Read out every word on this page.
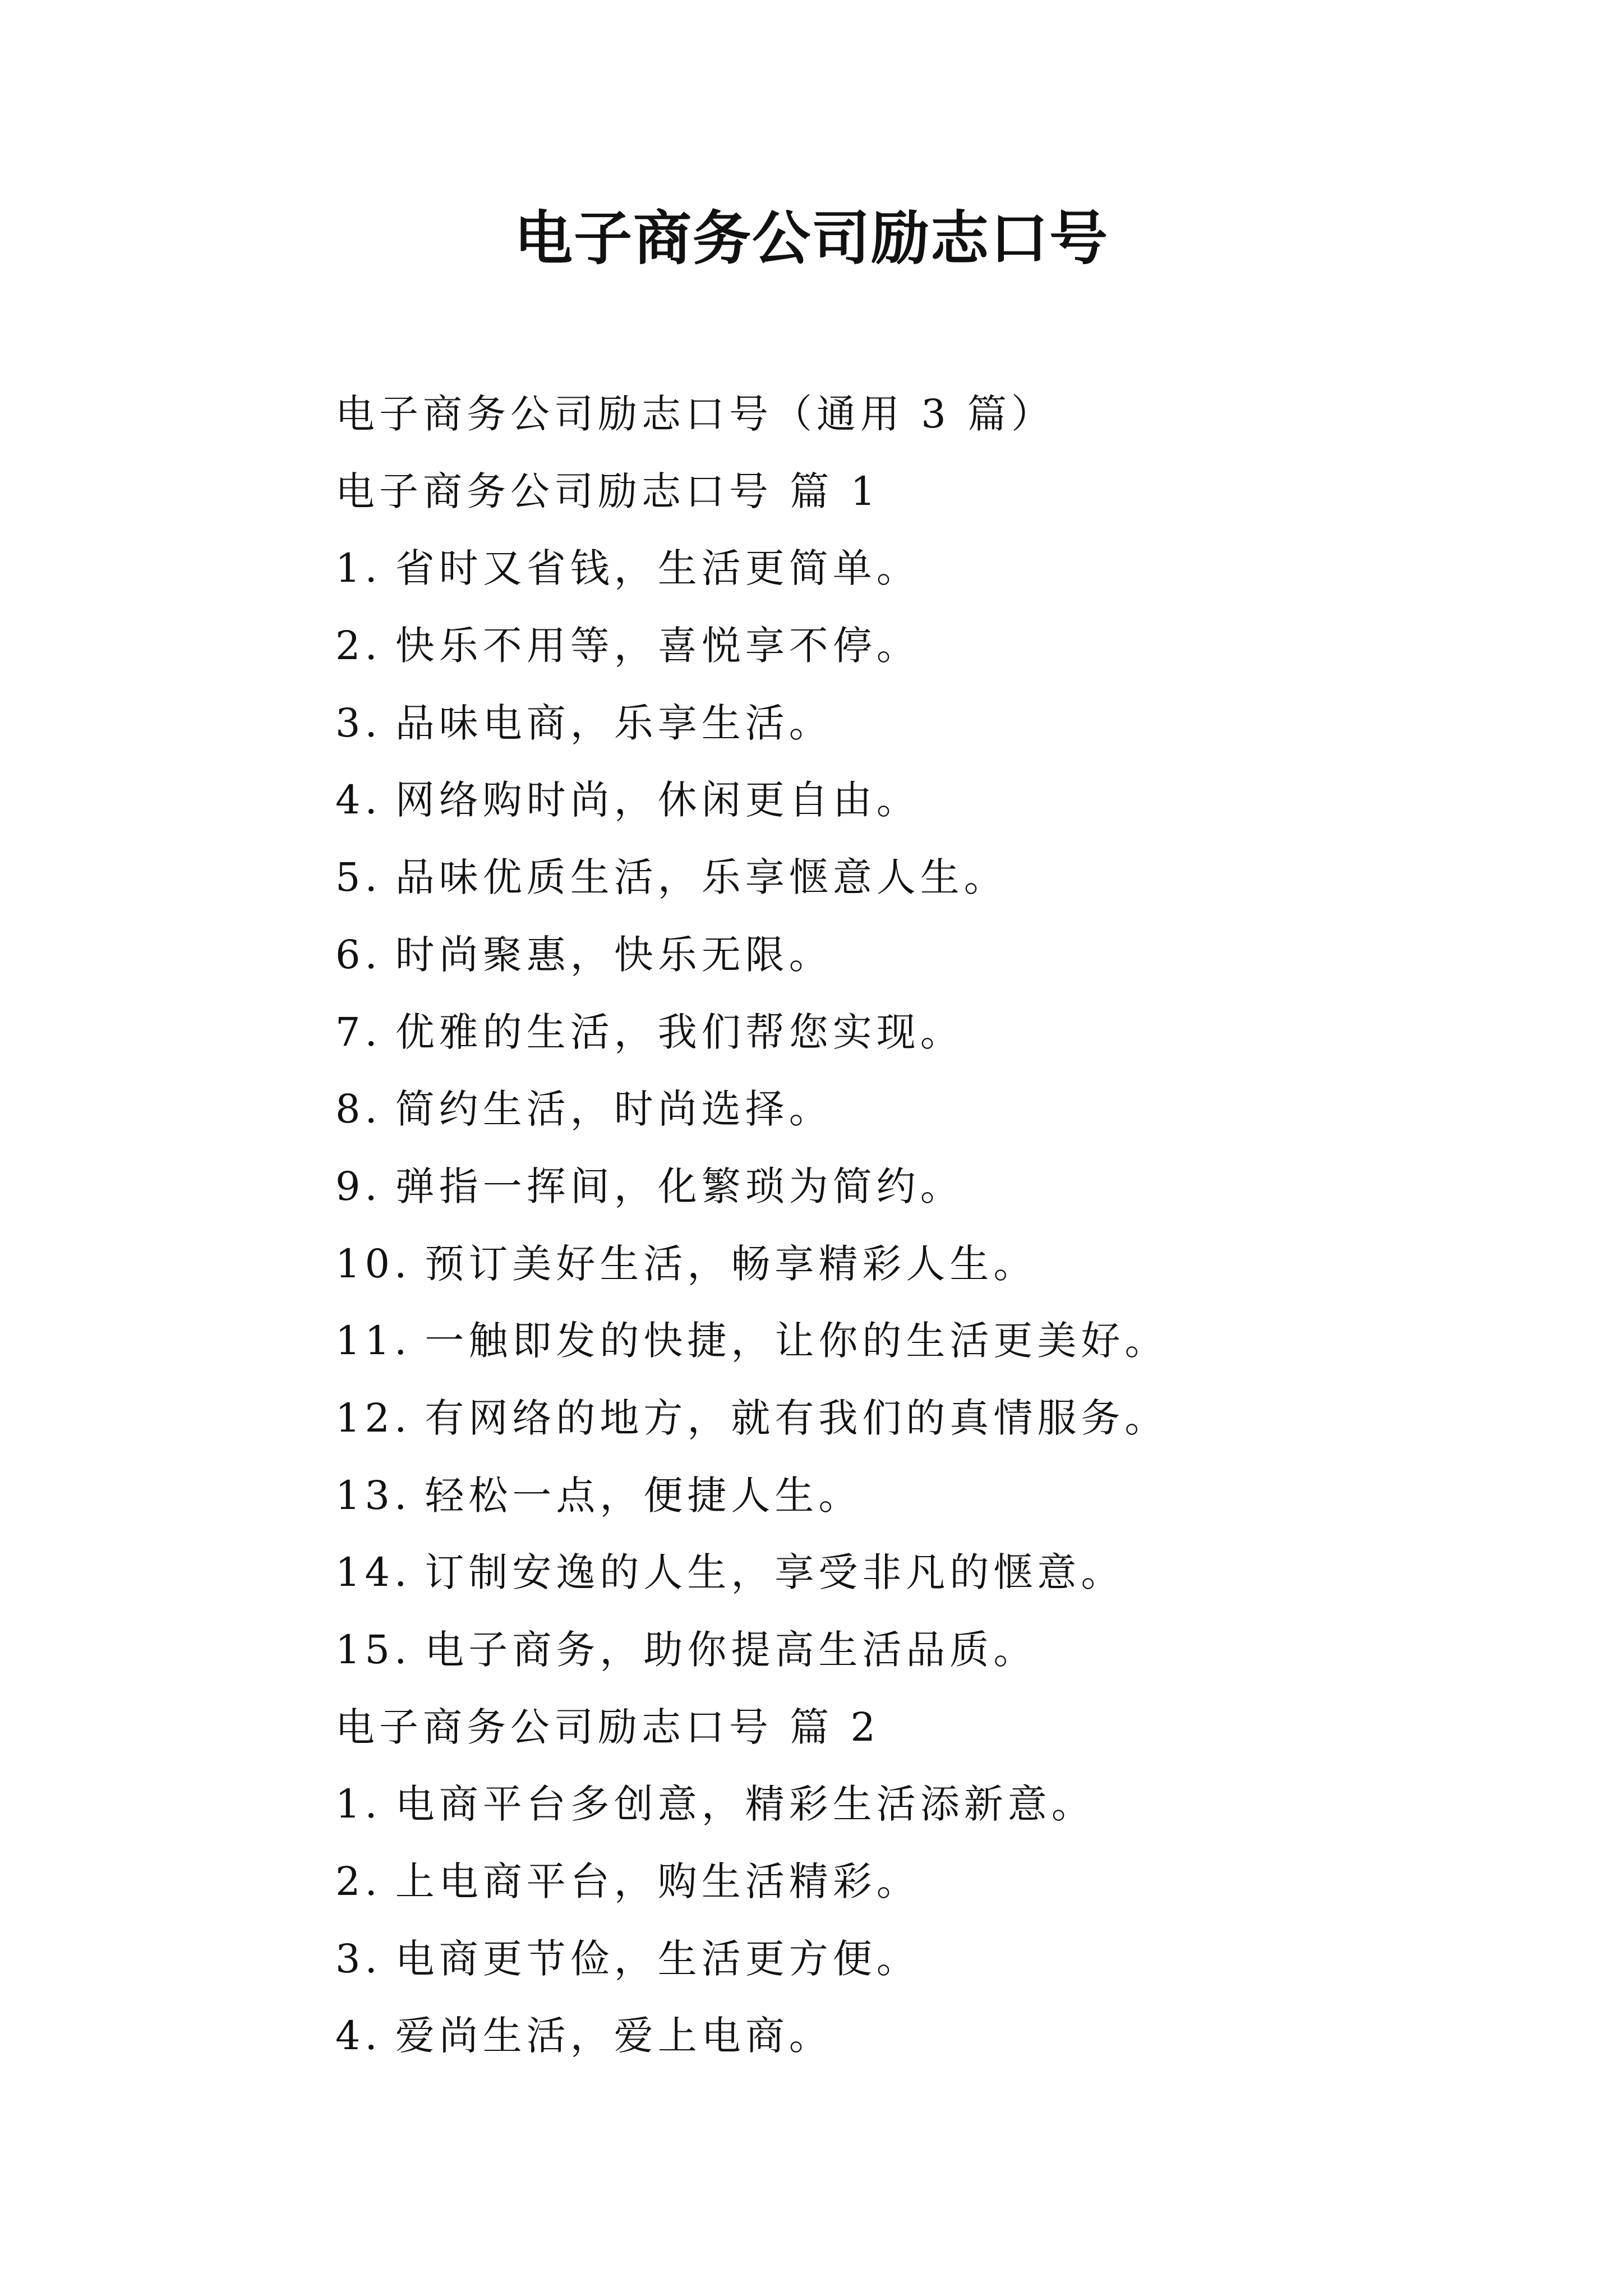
电子商务公司励志口号
电子商务公司励志口号（通用 3 篇）
电子商务公司励志口号 篇 1
1. 省时又省钱，生活更简单。
2. 快乐不用等，喜悦享不停。
3. 品味电商，乐享生活。
4. 网络购时尚，休闲更自由。
5. 品味优质生活，乐享惬意人生。
6. 时尚聚惠，快乐无限。
7. 优雅的生活，我们帮您实现。
8. 简约生活，时尚选择。
9. 弹指一挥间，化繁琐为简约。
10. 预订美好生活，畅享精彩人生。
11. 一触即发的快捷，让你的生活更美好。
12. 有网络的地方，就有我们的真情服务。
13. 轻松一点，便捷人生。
14. 订制安逸的人生，享受非凡的惬意。
15. 电子商务，助你提高生活品质。
电子商务公司励志口号 篇 2
1. 电商平台多创意，精彩生活添新意。
2. 上电商平台，购生活精彩。
3. 电商更节俭，生活更方便。
4. 爱尚生活，爱上电商。
